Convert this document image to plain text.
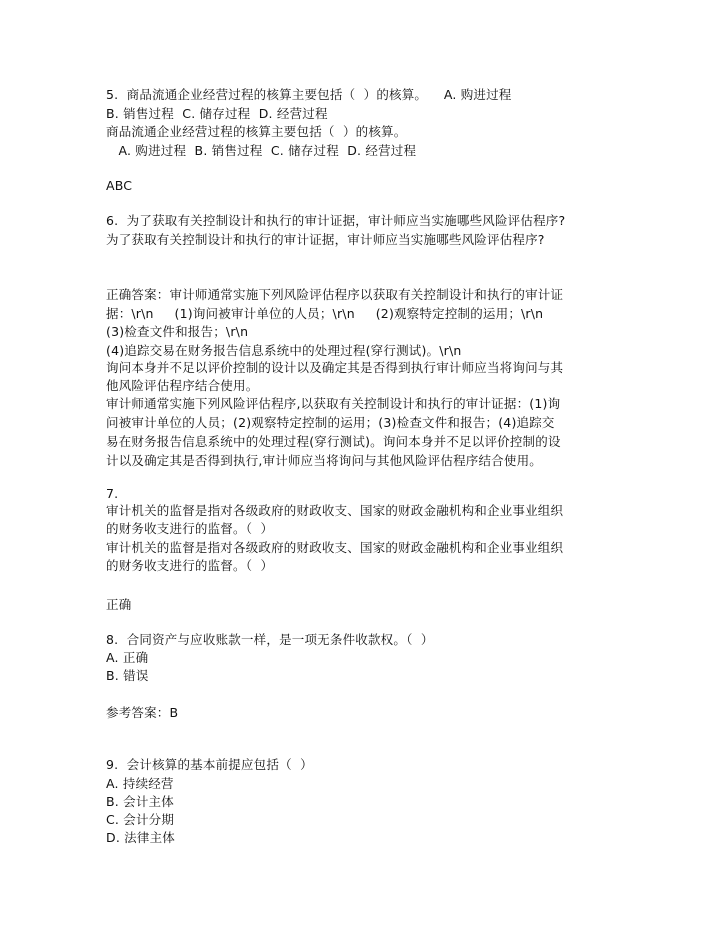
5.  商品流通企业经营过程的核算主要包括（  ）的核算。    A. 购进过程
B. 销售过程  C. 储存过程  D. 经营过程
商品流通企业经营过程的核算主要包括（  ）的核算。
A. 购进过程  B. 销售过程  C. 储存过程  D. 经营过程
ABC
6.  为了获取有关控制设计和执行的审计证据，审计师应当实施哪些风险评估程序?
为了获取有关控制设计和执行的审计证据，审计师应当实施哪些风险评估程序?
正确答案：审计师通常实施下列风险评估程序以获取有关控制设计和执行的审计证
据：\r\n     (1)询问被审计单位的人员；\r\n     (2)观察特定控制的运用；\r\n
(3)检查文件和报告；\r\n
(4)追踪交易在财务报告信息系统中的处理过程(穿行测试)。\r\n
询问本身并不足以评价控制的设计以及确定其是否得到执行审计师应当将询问与其
他风险评估程序结合使用。
审计师通常实施下列风险评估程序,以获取有关控制设计和执行的审计证据：(1)询
问被审计单位的人员；(2)观察特定控制的运用；(3)检查文件和报告；(4)追踪交
易在财务报告信息系统中的处理过程(穿行测试)。询问本身并不足以评价控制的设
计以及确定其是否得到执行,审计师应当将询问与其他风险评估程序结合使用。
7.
审计机关的监督是指对各级政府的财政收支、国家的财政金融机构和企业事业组织
的财务收支进行的监督。（  ）
审计机关的监督是指对各级政府的财政收支、国家的财政金融机构和企业事业组织
的财务收支进行的监督。（  ）
正确
8.  合同资产与应收账款一样，是一项无条件收款权。（  ）
A. 正确
B. 错误
参考答案：B
9.  会计核算的基本前提应包括（  ）
A. 持续经营
B. 会计主体
C. 会计分期
D. 法律主体
